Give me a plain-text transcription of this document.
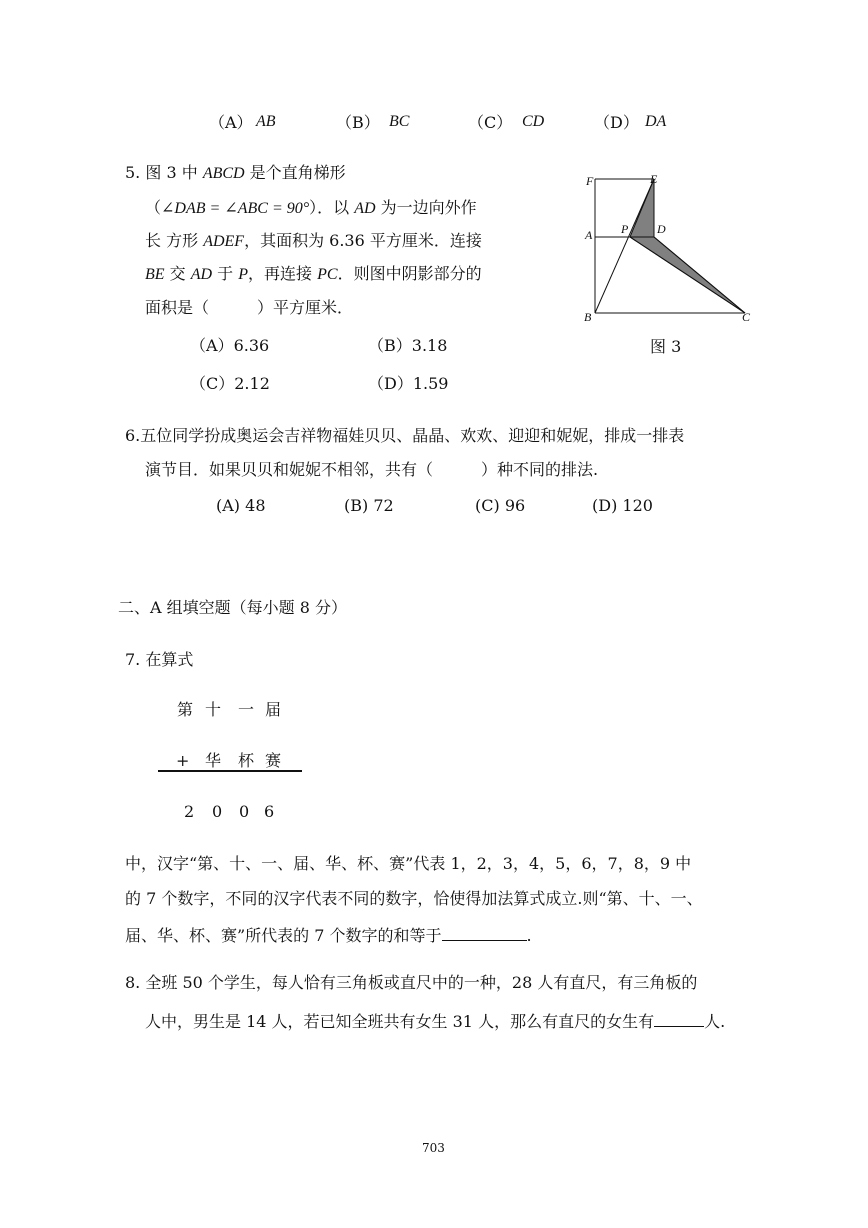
（A） AB	（B） BC	（C） CD	（D） DA
5. 图 3 中 ABCD 是个直角梯形
（∠DAB = ∠ABC = 90°）．以 AD 为一边向外作
长 方形 ADEF，其面积为 6.36 平方厘米．连接
BE 交 AD 于 P，再连接 PC．则图中阴影部分的
面积是（　　　）平方厘米．
（A）6.36	（B）3.18
（C）2.12	（D）1.59
F	E
A P D
B	C
图 3
6.五位同学扮成奥运会吉祥物福娃贝贝、晶晶、欢欢、迎迎和妮妮，排成一排表
演节目．如果贝贝和妮妮不相邻，共有（　　　）种不同的排法.
(A) 48	(B) 72	(C) 96	(D) 120
二、A 组填空题（每小题 8 分）
7. 在算式
第 十 一 届
+ 华 杯 赛
2 0 0 6
中，汉字“第、十、一、届、华、杯、赛”代表 1，2，3，4，5，6，7，8，9 中
的 7 个数字，不同的汉字代表不同的数字，恰使得加法算式成立.则“第、十、一、
届、华、杯、赛”所代表的 7 个数字的和等于	.
8. 全班 50 个学生，每人恰有三角板或直尺中的一种，28 人有直尺，有三角板的
人中，男生是 14 人，若已知全班共有女生 31 人，那么有直尺的女生有	人.
703
